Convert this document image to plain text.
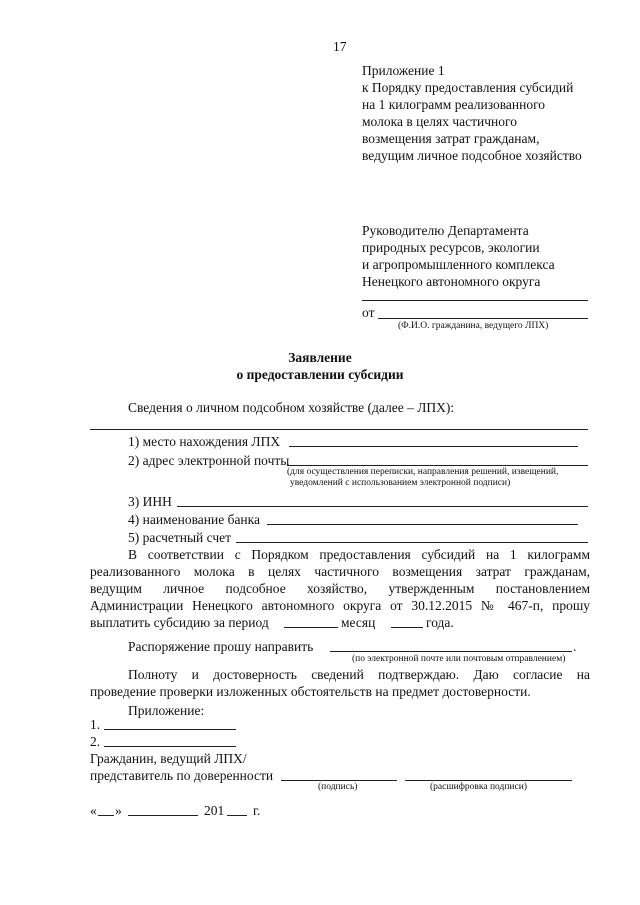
17
Приложение 1
к Порядку предоставления субсидий
на 1 килограмм реализованного
молока в целях частичного
возмещения затрат гражданам,
ведущим личное подсобное хозяйство
Руководителю Департамента
природных ресурсов, экологии
и агропромышленного комплекса
Ненецкого автономного округа
от
(Ф.И.О. гражданина, ведущего ЛПХ)
Заявление
о предоставлении субсидии
Сведения о личном подсобном хозяйстве (далее – ЛПХ):
1) место нахождения ЛПХ
2) адрес электронной почты
(для осуществления переписки, направления решений, извещений,
уведомлений с использованием электронной подписи)
3) ИНН
4) наименование банка
5) расчетный счет
В соответствии с Порядком предоставления субсидий на 1 килограмм
реализованного молока в целях частичного возмещения затрат гражданам,
ведущим личное подсобное хозяйство, утвержденным постановлением
Администрации Ненецкого автономного округа от 30.12.2015 № 467-п, прошу
выплатить субсидию за период	месяц	года.
Распоряжение прошу направить	.
(по электронной почте или почтовым отправлением)
Полноту и достоверность сведений подтверждаю. Даю согласие на
проведение проверки изложенных обстоятельств на предмет достоверности.
Приложение:
1.
2.
Гражданин, ведущий ЛПХ/
представитель по доверенности
(подпись)	(расшифровка подписи)
« »	201 г.
